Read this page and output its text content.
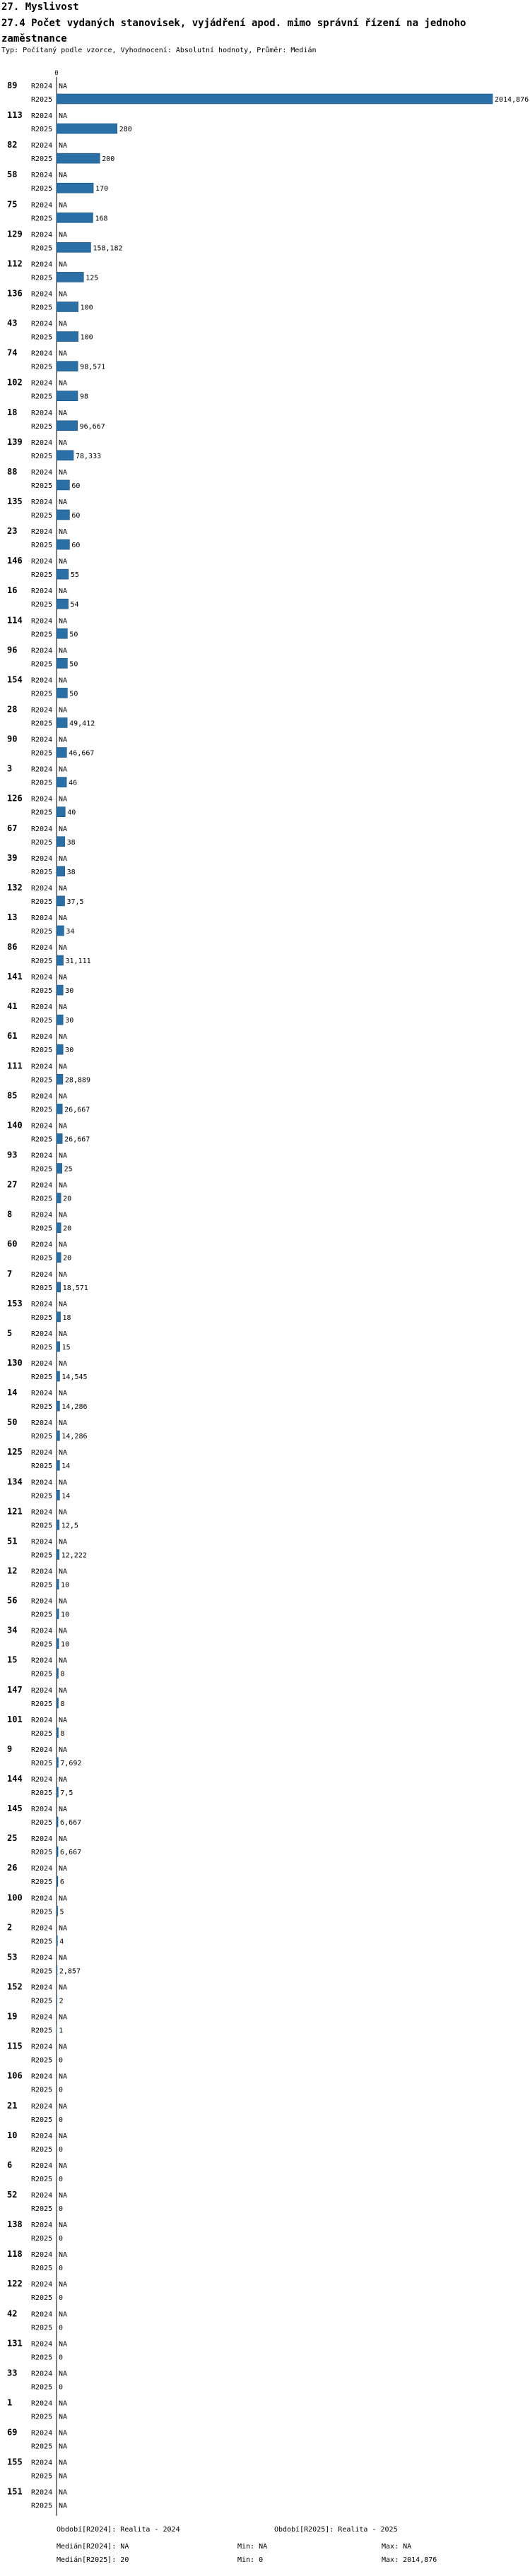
27. Myslivost
27.4 Počet vydaných stanovisek, vyjádření apod. mimo správní řízení na jednoho zaměstnance
Typ: Počítaný podle vzorce, Vyhodnocení: Absolutní hodnoty, Průměr: Medián
0
89 R2024
R2025
NA
2014,876
113 R2024
R2025
NA
280
82 R2024
R2025
NA
200
58 R2024
R2025
NA
170
75 R2024
R2025
NA
168
129 R2024
R2025
NA
158,182
112 R2024
R2025
NA
125
136 R2024
R2025
NA
100
43 R2024
R2025
NA
100
74 R2024
R2025
NA
98,571
102 R2024
R2025
NA
98
18 R2024
R2025
NA
96,667
139 R2024
R2025
NA
78,333
88 R2024
R2025
NA
60
135 R2024
R2025
NA
60
23 R2024
R2025
NA
60
146 R2024
R2025
NA
55
16 R2024
R2025
NA
54
114 R2024
R2025
NA
50
96 R2024
R2025
NA
50
154 R2024
R2025
NA
50
28 R2024
R2025
NA
49,412
90 R2024
R2025
NA
46,667
3	R2024
R2025
NA
46
126 R2024
R2025
NA
40
67 R2024
R2025
NA
38
39 R2024
R2025
NA
38
132 R2024
R2025
NA
37,5
13 R2024
R2025
NA
34
86 R2024
R2025
NA
31,111
141 R2024
R2025
NA
30
41 R2024
R2025
NA
30
61 R2024
R2025
NA
30
111 R2024
R2025
NA
28,889
85 R2024
R2025
NA
26,667
140 R2024
R2025
NA
26,667
93 R2024
R2025
NA
25
27 R2024
R2025
NA
20
8	R2024
R2025
NA
20
60 R2024
R2025
NA
20
7	R2024
R2025
NA
18,571
153 R2024
R2025
NA
18
5	R2024
R2025
NA
15
130 R2024
R2025
NA
14,545
14 R2024
R2025
NA
14,286
50 R2024
R2025
NA
14,286
125 R2024
R2025
NA
14
134 R2024
R2025
NA
14
121 R2024
R2025
NA
12,5
51 R2024
R2025
NA
12,222
12 R2024
R2025
NA
10
56 R2024
R2025
NA
10
34 R2024
R2025
NA
10
15 R2024
R2025
NA
8
147 R2024
R2025
NA
8
101 R2024
R2025
NA
8
9	R2024
R2025
NA
7,692
144 R2024
R2025
NA
7,5
145 R2024
R2025
NA
6,667
25 R2024
R2025
NA
6,667
26 R2024
R2025
NA
6
100 R2024
R2025
NA
5
2	R2024
R2025
NA
4
53 R2024
R2025
NA
2,857
152 R2024
R2025
NA
2
19 R2024
R2025
NA
1
115 R2024
R2025
NA
0
106 R2024
R2025
NA
0
21 R2024
R2025
NA
0
10 R2024
R2025
NA
0
6	R2024
R2025
NA
0
52 R2024
R2025
NA
0
138 R2024
R2025
NA
0
118 R2024
R2025
NA
0
122 R2024
R2025
NA
0
42 R2024
R2025
NA
0
131 R2024
R2025
NA
0
33 R2024
R2025
NA
0
1	R2024
R2025
NA
NA
69 R2024
R2025
NA
NA
155 R2024
R2025
NA
NA
151 R2024
R2025
NA
NA
Období[R2024]: Realita - 2024	Období[R2025]: Realita - 2025
Medián[R2024]: NA	Min: NA	Max: NA
Medián[R2025]: 20	Min: 0	Max: 2014,876
